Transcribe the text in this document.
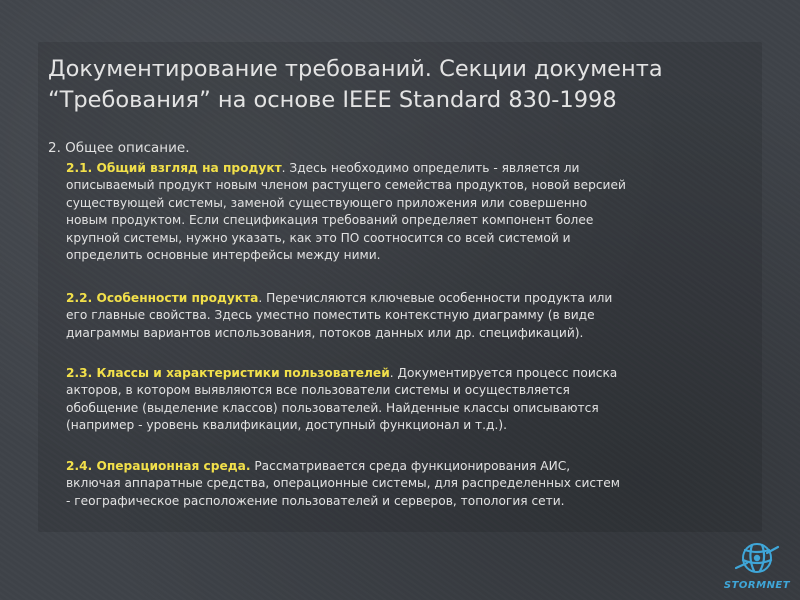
Документирование требований. Секции документа
“Требования” на основе IEEE Standard 830-1998
2. Общее описание.
2.1. Общий взгляд на продукт. Здесь необходимо определить - является ли
описываемый продукт новым членом растущего семейства продуктов, новой версией
существующей системы, заменой существующего приложения или совершенно
новым продуктом. Если спецификация требований определяет компонент более
крупной системы, нужно указать, как это ПО соотносится со всей системой и
определить основные интерфейсы между ними.
2.2. Особенности продукта. Перечисляются ключевые особенности продукта или
его главные свойства. Здесь уместно поместить контекстную диаграмму (в виде
диаграммы вариантов использования, потоков данных или др. спецификаций).
2.3. Классы и характеристики пользователей. Документируется процесс поиска
акторов, в котором выявляются все пользователи системы и осуществляется
обобщение (выделение классов) пользователей. Найденные классы описываются
(например - уровень квалификации, доступный функционал и т.д.).
2.4. Операционная среда. Рассматривается среда функционирования АИС,
включая аппаратные средства, операционные системы, для распределенных систем
- географическое расположение пользователей и серверов, топология сети.
STORMNET
